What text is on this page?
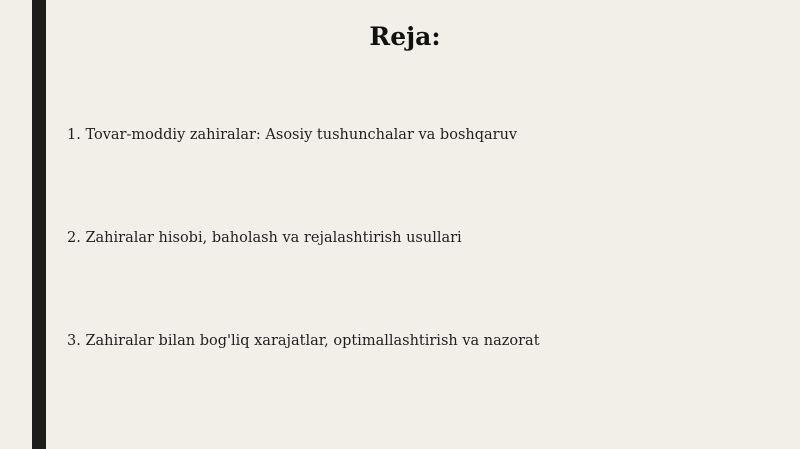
Reja:
1. Tovar-moddiy zahiralar: Asosiy tushunchalar va boshqaruv
2. Zahiralar hisobi, baholash va rejalashtirish usullari
3. Zahiralar bilan bog'liq xarajatlar, optimallashtirish va nazorat
